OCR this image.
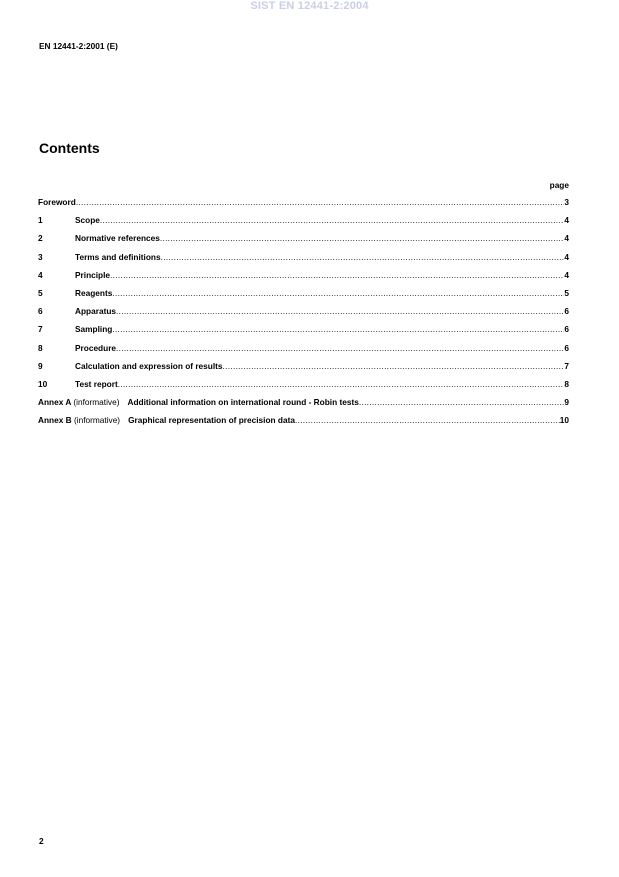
SIST EN 12441-2:2004
EN 12441-2:2001 (E)
Contents
page
Foreword .....	3
1	Scope .....	4
2	Normative references .....	4
3	Terms and definitions .....	4
4	Principle .....	4
5	Reagents .....	5
6	Apparatus .....	6
7	Sampling .....	6
8	Procedure .....	6
9	Calculation and expression of results .....	7
10	Test report .....	8
Annex A (informative) Additional information on international round - Robin tests .....	9
Annex B (informative) Graphical representation of precision data .....	10
2
